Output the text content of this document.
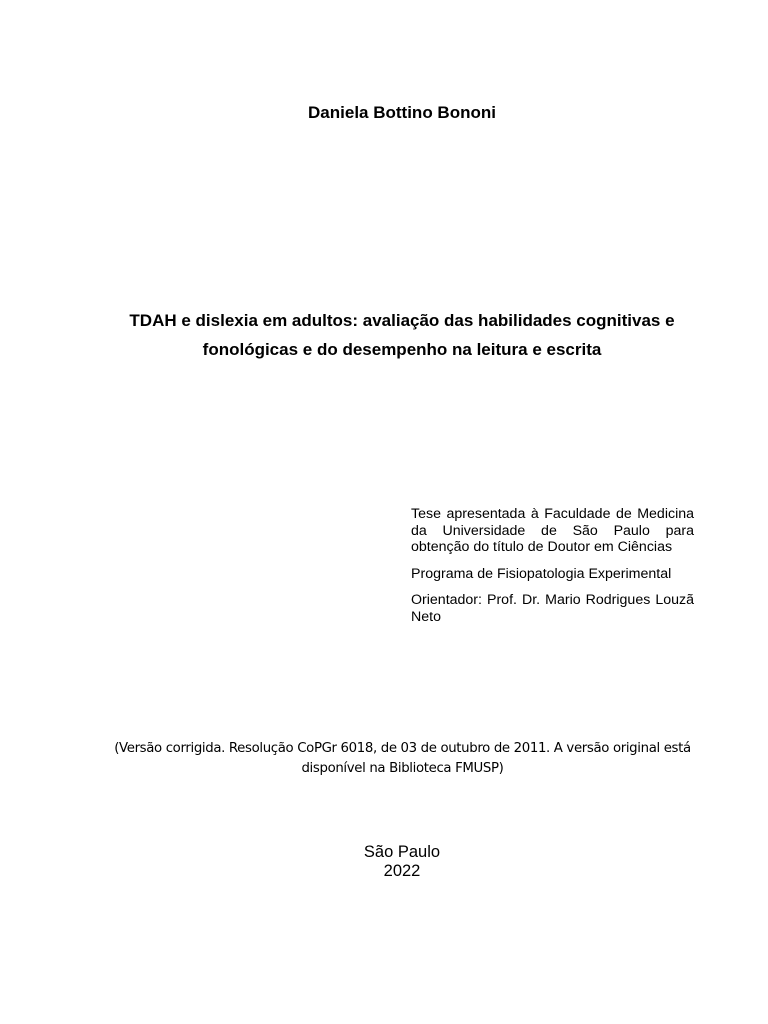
Daniela Bottino Bononi
TDAH e dislexia em adultos: avaliação das habilidades cognitivas e
fonológicas e do desempenho na leitura e escrita

Tese apresentada à Faculdade de Medicina da Universidade de São Paulo para obtenção do título de Doutor em Ciências

Programa de Fisiopatologia Experimental

Orientador: Prof. Dr. Mario Rodrigues Louzã Neto

(Versão corrigida. Resolução CoPGr 6018, de 03 de outubro de 2011. A versão original está
disponível na Biblioteca FMUSP)
São Paulo
2022
